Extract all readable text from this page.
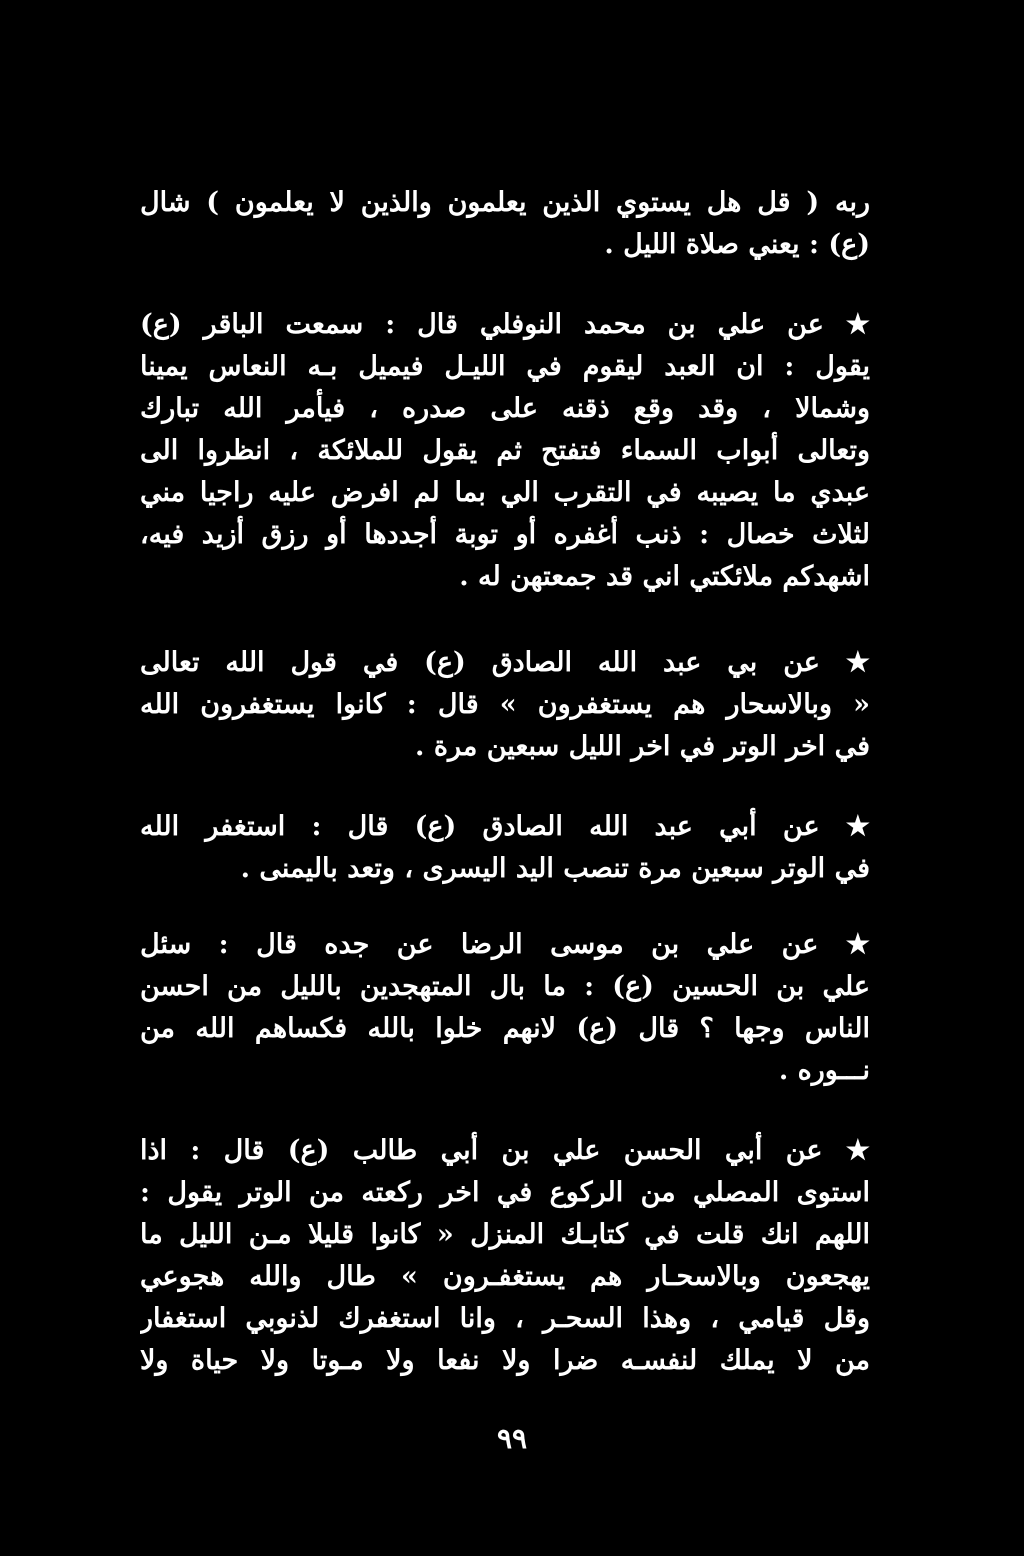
ربه ( قل هل يستوي الذين يعلمون والذين لا يعلمون ) شال
(ع) : يعني صلاة الليل .
★ عن علي بن محمد النوفلي قال : سمعت الباقر (ع)
يقول : ان العبد ليقوم في الليـل فيميل بـه النعاس يمينا
وشمالا ، وقد وقع ذقنه على صدره ، فيأمر الله تبارك
وتعالى أبواب السماء فتفتح ثم يقول للملائكة ، انظروا الى
عبدي ما يصيبه في التقرب الي بما لم افرض عليه راجيا مني
لثلاث خصال : ذنب أغفره أو توبة أجددها أو رزق أزيد فيه،
اشهدكم ملائكتي اني قد جمعتهن له .
★ عن بي عبد الله الصادق (ع) في قول الله تعالى
« وبالاسحار هم يستغفرون » قال : كانوا يستغفرون الله
في اخر الوتر في اخر الليل سبعين مرة .
★ عن أبي عبد الله الصادق (ع) قال : استغفر الله
في الوتر سبعين مرة تنصب اليد اليسرى ، وتعد باليمنى .
★ عن علي بن موسى الرضا عن جده قال : سئل
علي بن الحسين (ع) : ما بال المتهجدين بالليل من احسن
الناس وجها ؟ قال (ع) لانهم خلوا بالله فكساهم الله من
نـــوره .
★ عن أبي الحسن علي بن أبي طالب (ع) قال : اذا
استوى المصلي من الركوع في اخر ركعته من الوتر يقول :
اللهم انك قلت في كتابـك المنزل « كانوا قليلا مـن الليل ما
يهجعون وبالاسحـار هم يستغفـرون » طال والله هجوعي
وقل قيامي ، وهذا السحـر ، وانا استغفرك لذنوبي استغفار
من لا يملك لنفسـه ضرا ولا نفعا ولا مـوتا ولا حياة ولا
٩٩
